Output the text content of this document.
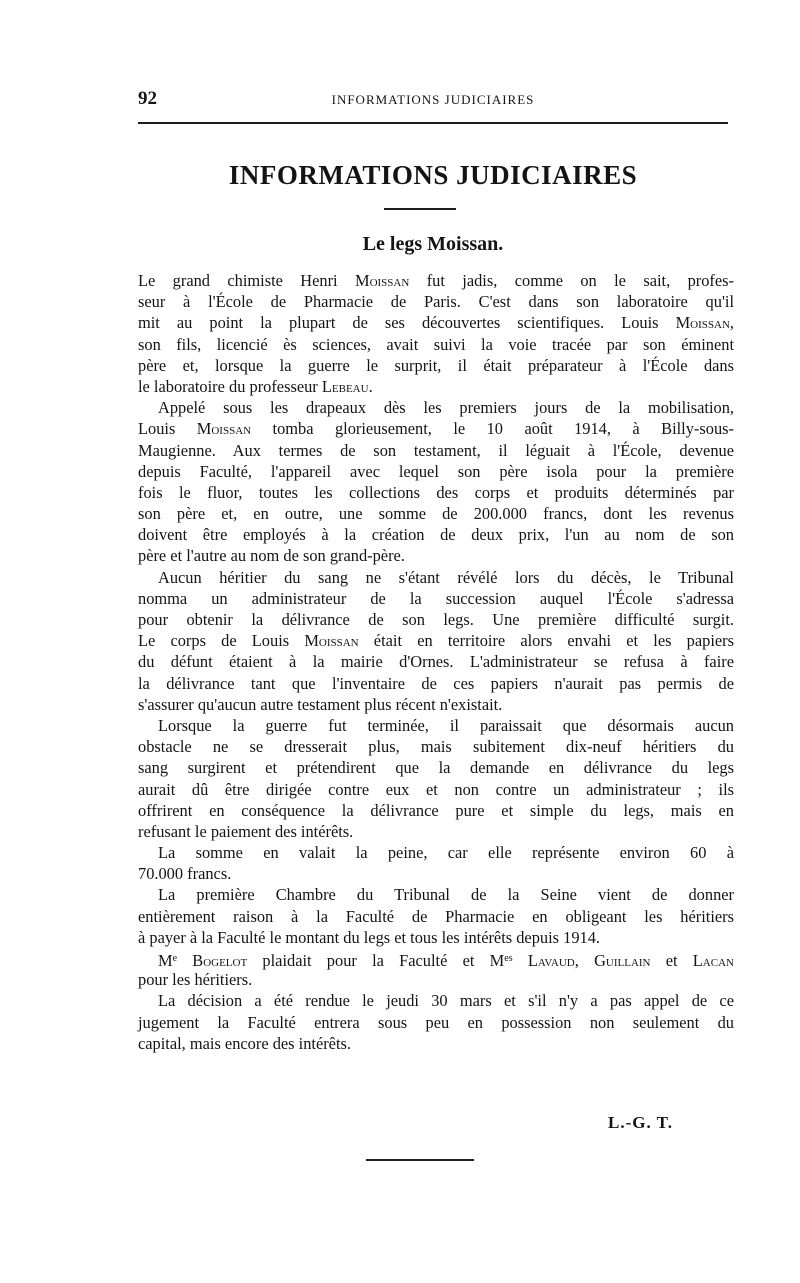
92	INFORMATIONS JUDICIAIRES
INFORMATIONS JUDICIAIRES
Le legs Moissan.
Le grand chimiste Henri Moissan fut jadis, comme on le sait, profes-
seur à l'École de Pharmacie de Paris. C'est dans son laboratoire qu'il
mit au point la plupart de ses découvertes scientifiques. Louis Moissan,
son fils, licencié ès sciences, avait suivi la voie tracée par son éminent
père et, lorsque la guerre le surprit, il était préparateur à l'École dans
le laboratoire du professeur Lebeau.
Appelé sous les drapeaux dès les premiers jours de la mobilisation,
Louis Moissan tomba glorieusement, le 10 août 1914, à Billy-sous-
Maugienne. Aux termes de son testament, il léguait à l'École, devenue
depuis Faculté, l'appareil avec lequel son père isola pour la première
fois le fluor, toutes les collections des corps et produits déterminés par
son père et, en outre, une somme de 200.000 francs, dont les revenus
doivent être employés à la création de deux prix, l'un au nom de son
père et l'autre au nom de son grand-père.
Aucun héritier du sang ne s'étant révélé lors du décès, le Tribunal
nomma un administrateur de la succession auquel l'École s'adressa
pour obtenir la délivrance de son legs. Une première difficulté surgit.
Le corps de Louis Moissan était en territoire alors envahi et les papiers
du défunt étaient à la mairie d'Ornes. L'administrateur se refusa à faire
la délivrance tant que l'inventaire de ces papiers n'aurait pas permis de
s'assurer qu'aucun autre testament plus récent n'existait.
Lorsque la guerre fut terminée, il paraissait que désormais aucun
obstacle ne se dresserait plus, mais subitement dix-neuf héritiers du
sang surgirent et prétendirent que la demande en délivrance du legs
aurait dû être dirigée contre eux et non contre un administrateur ; ils
offrirent en conséquence la délivrance pure et simple du legs, mais en
refusant le paiement des intérêts.
La somme en valait la peine, car elle représente environ 60 à
70.000 francs.
La première Chambre du Tribunal de la Seine vient de donner
entièrement raison à la Faculté de Pharmacie en obligeant les héritiers
à payer à la Faculté le montant du legs et tous les intérêts depuis 1914.
Me Bogelot plaidait pour la Faculté et $M^{es}$ Lavaud, Guillain et Lacan
pour les héritiers.
La décision a été rendue le jeudi 30 mars et s'il n'y a pas appel de ce
jugement la Faculté entrera sous peu en possession non seulement du
capital, mais encore des intérêts.
L.-G. T.
